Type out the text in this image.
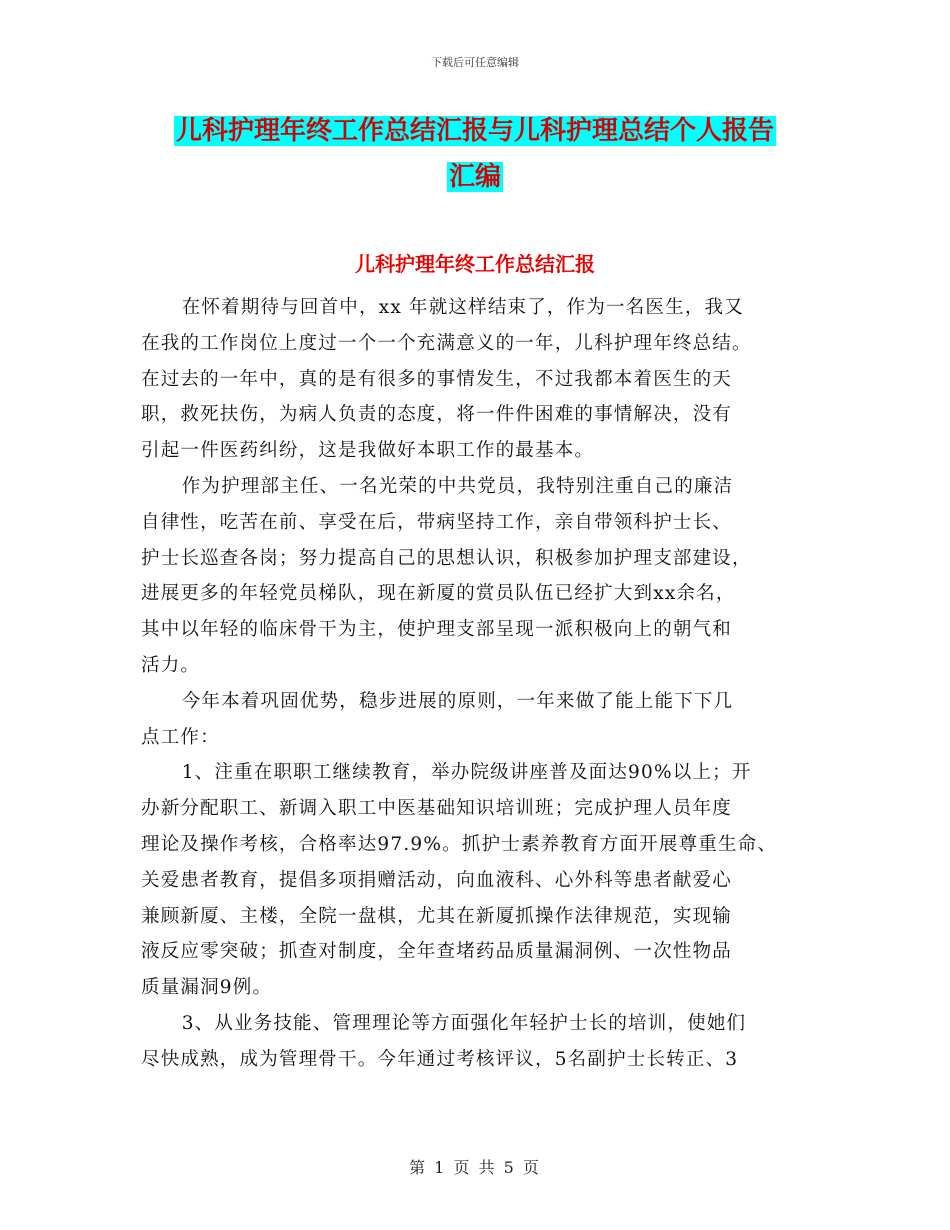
下载后可任意编辑
儿科护理年终工作总结汇报与儿科护理总结个人报告
汇编
儿科护理年终工作总结汇报

在怀着期待与回首中，xx 年就这样结束了，作为一名医生，我又
在我的工作岗位上度过一个一个充满意义的一年，儿科护理年终总结。
在过去的一年中，真的是有很多的事情发生，不过我都本着医生的天
职，救死扶伤，为病人负责的态度，将一件件困难的事情解决，没有
引起一件医药纠纷，这是我做好本职工作的最基本。

作为护理部主任、一名光荣的中共党员，我特别注重自己的廉洁
自律性，吃苦在前、享受在后，带病坚持工作，亲自带领科护士长、
护士长巡查各岗；努力提高自己的思想认识，积极参加护理支部建设，
进展更多的年轻党员梯队，现在新厦的赏员队伍已经扩大到xx余名，
其中以年轻的临床骨干为主，使护理支部呈现一派积极向上的朝气和
活力。

今年本着巩固优势，稳步进展的原则，一年来做了能上能下下几
点工作：

1、注重在职职工继续教育，举办院级讲座普及面达90%以上；开
办新分配职工、新调入职工中医基础知识培训班；完成护理人员年度
理论及操作考核，合格率达97.9%。抓护士素养教育方面开展尊重生命、
关爱患者教育，提倡多项捐赠活动，向血液科、心外科等患者献爱心
兼顾新厦、主楼，全院一盘棋，尤其在新厦抓操作法律规范，实现输
液反应零突破；抓查对制度，全年查堵药品质量漏洞例、一次性物品
质量漏洞9例。

3、从业务技能、管理理论等方面强化年轻护士长的培训，使她们
尽快成熟，成为管理骨干。今年通过考核评议，5名副护士长转正、3

第 1 页 共 5 页
